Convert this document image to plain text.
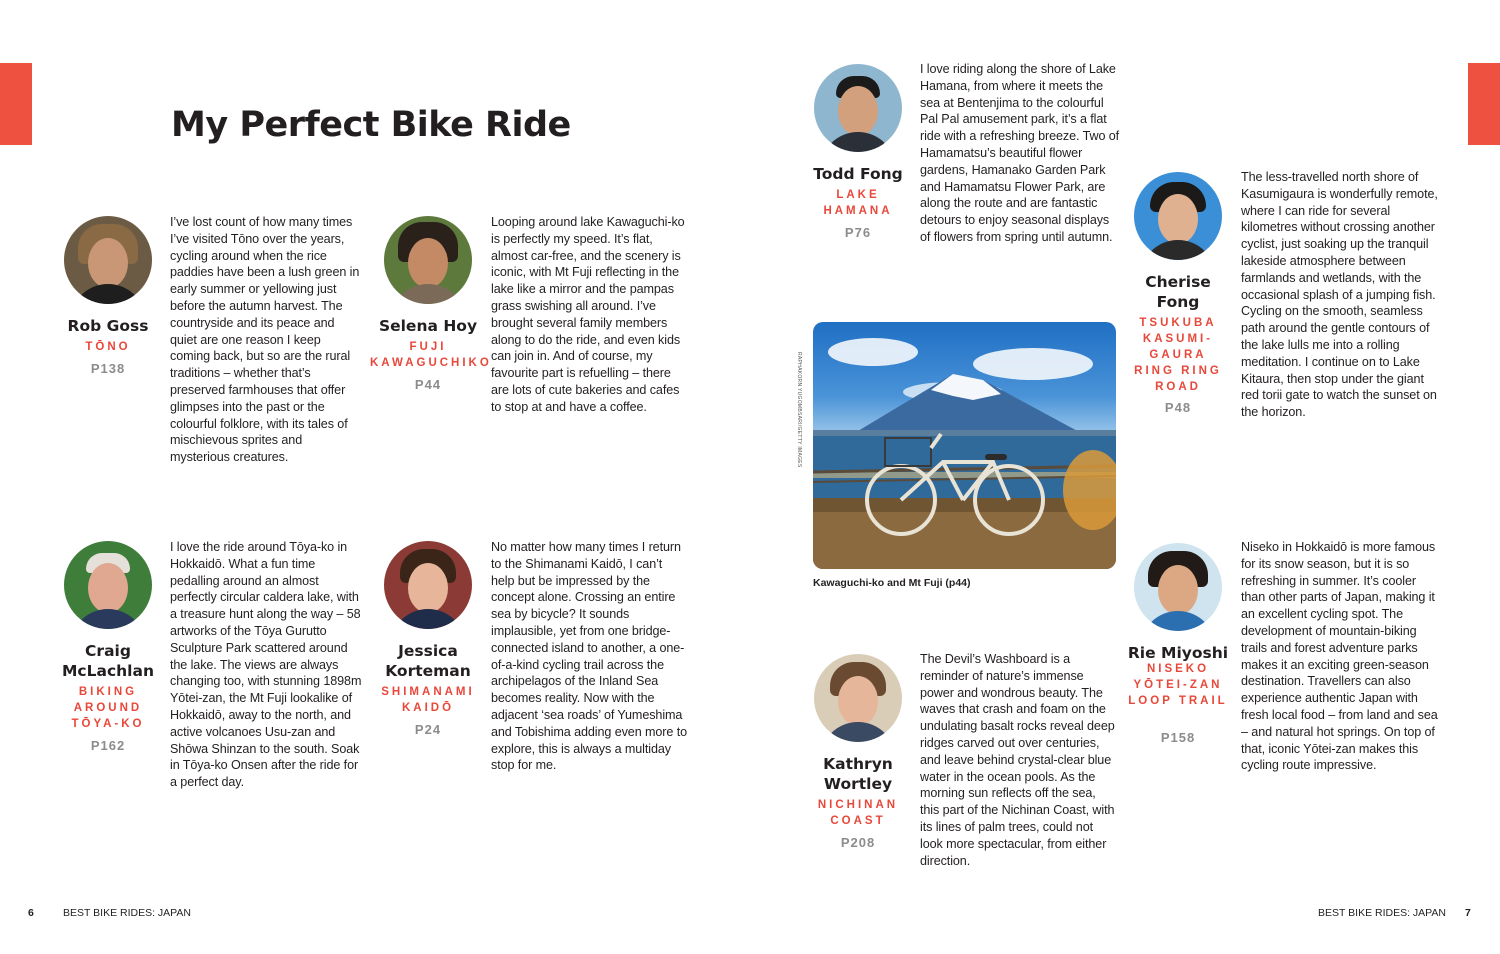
My Perfect Bike Ride
Rob Goss
TŌNO
P138

I’ve lost count of how many times I’ve visited Tōno over the years, cycling around when the rice paddies have been a lush green in early summer or yellowing just before the autumn harvest. The countryside and its peace and quiet are one reason I keep coming back, but so are the rural traditions – whether that’s preserved farmhouses that offer glimpses into the past or the colourful folklore, with its tales of mischievous sprites and mysterious creatures.

Selena Hoy
FUJI KAWAGUCHIKO
P44

Looping around lake Kawaguchi-ko is perfectly my speed. It’s flat, almost car-free, and the scenery is iconic, with Mt Fuji reflecting in the lake like a mirror and the pampas grass swishing all around. I’ve brought several family members along to do the ride, and even kids can join in. And of course, my favourite part is refuelling – there are lots of cute bakeries and cafes to stop at and have a coffee.

Craig McLachlan
BIKING AROUND TŌYA-KO
P162

I love the ride around Tōya-ko in Hokkaidō. What a fun time pedalling around an almost perfectly circular caldera lake, with a treasure hunt along the way – 58 artworks of the Tōya Gurutto Sculpture Park scattered around the lake. The views are always changing too, with stunning 1898m Yōtei-zan, the Mt Fuji lookalike of Hokkaidō, away to the north, and active volcanoes Usu-zan and Shōwa Shinzan to the south. Soak in Tōya-ko Onsen after the ride for a perfect day.

Jessica Korteman
SHIMANAMI KAIDŌ
P24

No matter how many times I return to the Shimanami Kaidō, I can’t help but be impressed by the concept alone. Crossing an entire sea by bicycle? It sounds implausible, yet from one bridge-connected island to another, a one-of-a-kind cycling trail across the archipelagos of the Inland Sea becomes reality. Now with the adjacent ‘sea roads’ of Yumeshima and Tobishima adding even more to explore, this is always a multiday stop for me.

Todd Fong
LAKE HAMANA
P76

I love riding along the shore of Lake Hamana, from where it meets the sea at Bentenjima to the colourful Pal Pal amusement park, it’s a flat ride with a refreshing breeze. Two of Hamamatsu’s beautiful flower gardens, Hamanako Garden Park and Hamamatsu Flower Park, are along the route and are fantastic detours to enjoy seasonal displays of flowers from spring until autumn.

Cherise Fong
TSUKUBA KASUMI-GAURA RING RING ROAD
P48

The less-travelled north shore of Kasumigaura is wonderfully remote, where I can ride for several kilometres without crossing another cyclist, just soaking up the tranquil lakeside atmosphere between farmlands and wetlands, with the occasional splash of a jumping fish. Cycling on the smooth, seamless path around the gentle contours of the lake lulls me into a rolling meditation. I continue on to Lake Kitaura, then stop under the giant red torii gate to watch the sunset on the horizon.

Kathryn Wortley
NICHINAN COAST
P208

The Devil’s Washboard is a reminder of nature’s immense power and wondrous beauty. The waves that crash and foam on the undulating basalt rocks reveal deep ridges carved out over centuries, and leave behind crystal-clear blue water in the ocean pools. As the morning sun reflects off the sea, this part of the Nichinan Coast, with its lines of palm trees, could not look more spectacular, from either direction.

Rie Miyoshi
NISEKO YŌTEI-ZAN LOOP TRAIL
P158

Niseko in Hokkaidō is more famous for its snow season, but it is so refreshing in summer. It’s cooler than other parts of Japan, making it an excellent cycling spot. The development of mountain-biking trails and forest adventure parks makes it an exciting green-season destination. Travellers can also experience authentic Japan with fresh local food – from land and sea – and natural hot springs. On top of that, iconic Yōtei-zan makes this cycling route impressive.

RAPHAKORN YUGOMBSARI/GETTY IMAGES
Kawaguchi-ko and Mt Fuji (p44)
6	BEST BIKE RIDES: JAPAN	BEST BIKE RIDES: JAPAN 7
